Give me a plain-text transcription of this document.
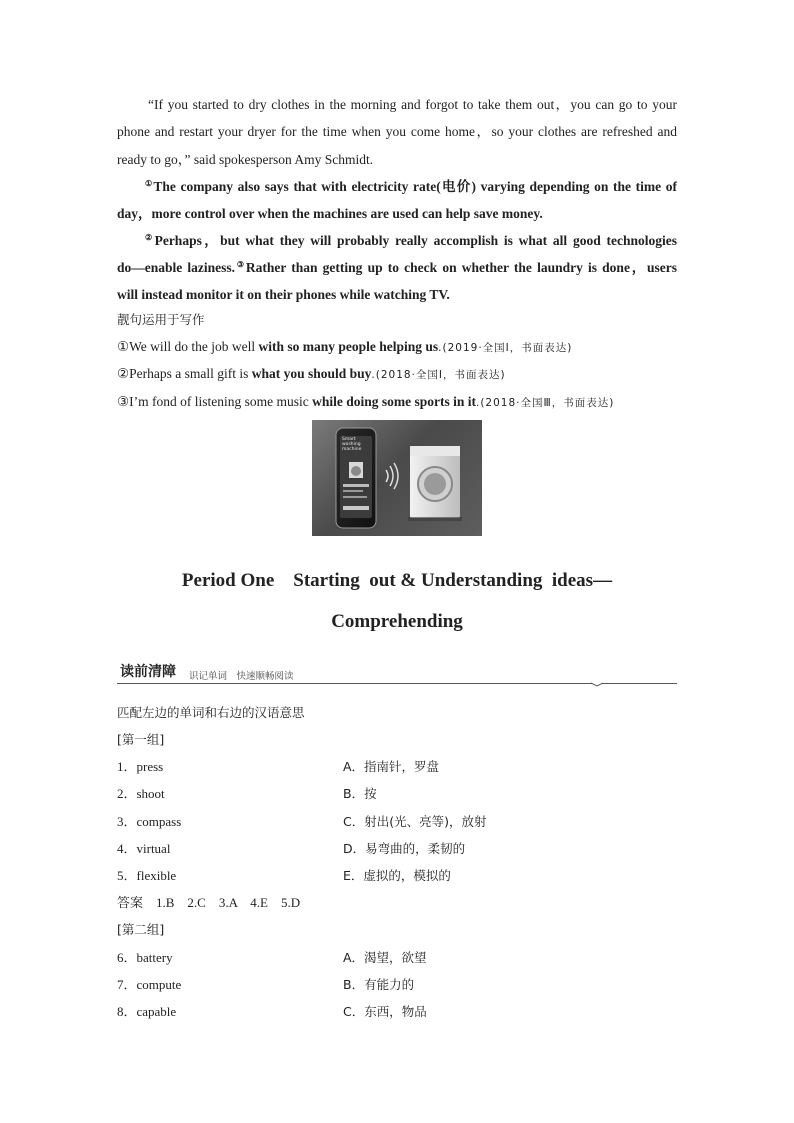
“If you started to dry clothes in the morning and forgot to take them out，you can go to your
phone and restart your dryer for the time when you come home，so your clothes are refreshed and
ready to go，” said spokesperson Amy Schmidt.
①The company also says that with electricity rate(电价) varying depending on the time of
day，more control over when the machines are used can help save money.
②Perhaps，but what they will probably really accomplish is what all good technologies
do—enable laziness.③Rather than getting up to check on whether the laundry is done，users
will instead monitor it on their phones while watching TV.
靓句运用于写作
①We will do the job well with so many people helping us.(2019·全国Ⅰ，书面表达)
②Perhaps a small gift is what you should buy.(2018·全国Ⅰ，书面表达)
③I’m fond of listening some music while doing some sports in it.(2018·全国Ⅲ，书面表达)
Smart
washing
machine
Period One    Starting  out & Understanding  ideas—
Comprehending
读前清障 识记单词　快速顺畅阅读
匹配左边的单词和右边的汉语意思
[第一组]
1．press	A．指南针，罗盘
2．shoot	B．按
3．compass	C．射出(光、亮等)，放射
4．virtual	D．易弯曲的，柔韧的
5．flexible	E．虚拟的，模拟的
答案　1.B　2.C　3.A　4.E　5.D
[第二组]
6．battery	A．渴望，欲望
7．compute	B．有能力的
8．capable	C．东西，物品
